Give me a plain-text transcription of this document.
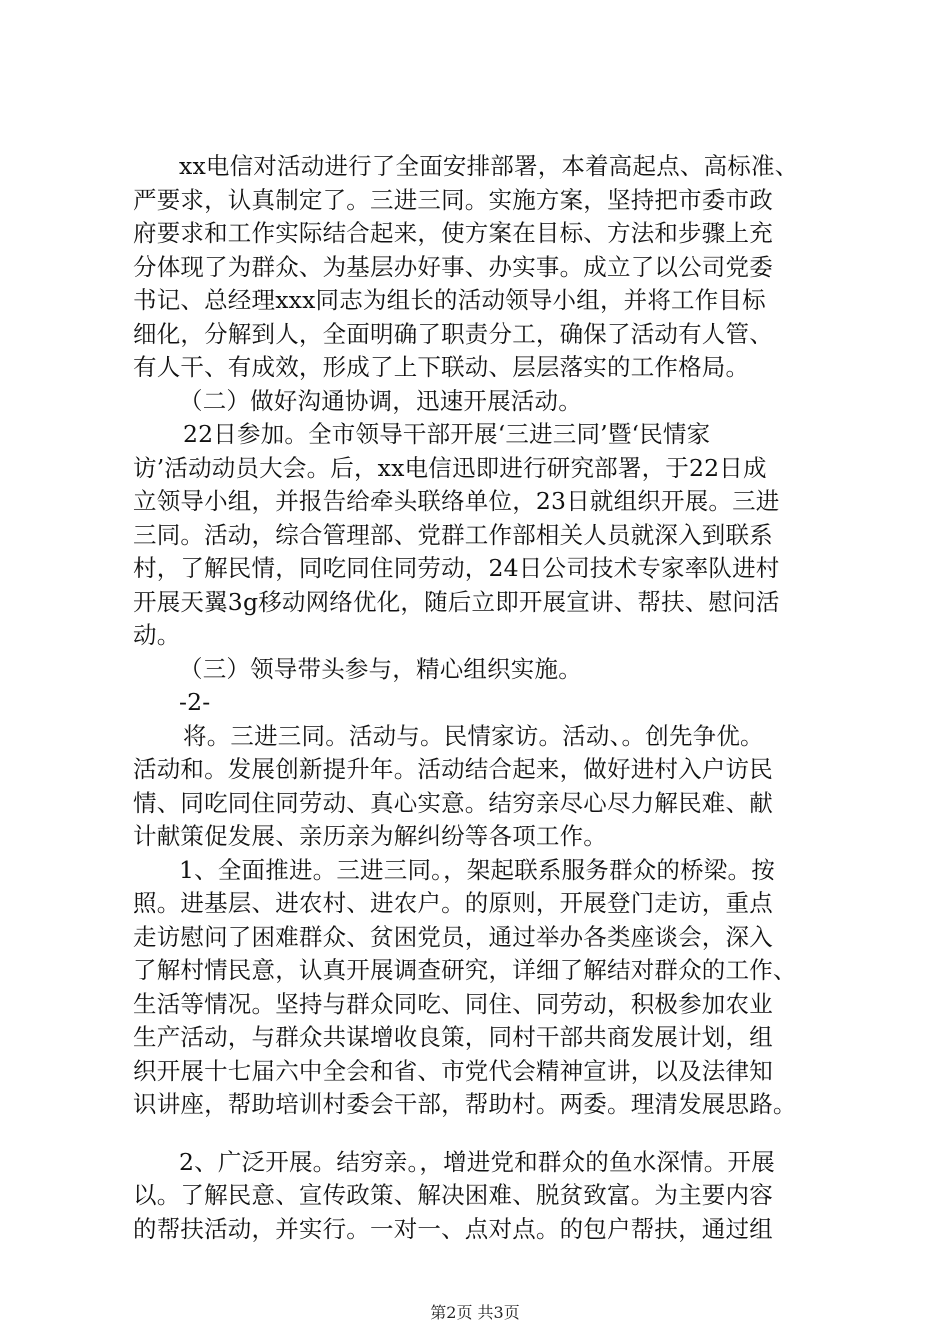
xx电信对活动进行了全面安排部署，本着高起点、高标准、
严要求，认真制定了。三进三同。实施方案，坚持把市委市政
府要求和工作实际结合起来，使方案在目标、方法和步骤上充
分体现了为群众、为基层办好事、办实事。成立了以公司党委
书记、总经理xxx同志为组长的活动领导小组，并将工作目标
细化，分解到人，全面明确了职责分工，确保了活动有人管、
有人干、有成效，形成了上下联动、层层落实的工作格局。
（二）做好沟通协调，迅速开展活动。
22日参加。全市领导干部开展‘三进三同’暨‘民情家
访’活动动员大会。后，xx电信迅即进行研究部署，于22日成
立领导小组，并报告给牵头联络单位，23日就组织开展。三进
三同。活动，综合管理部、党群工作部相关人员就深入到联系
村，了解民情，同吃同住同劳动，24日公司技术专家率队进村
开展天翼3g移动网络优化，随后立即开展宣讲、帮扶、慰问活
动。
（三）领导带头参与，精心组织实施。
-2-
将。三进三同。活动与。民情家访。活动、。创先争优。
活动和。发展创新提升年。活动结合起来，做好进村入户访民
情、同吃同住同劳动、真心实意。结穷亲尽心尽力解民难、献
计献策促发展、亲历亲为解纠纷等各项工作。
1、全面推进。三进三同。，架起联系服务群众的桥梁。按
照。进基层、进农村、进农户。的原则，开展登门走访，重点
走访慰问了困难群众、贫困党员，通过举办各类座谈会，深入
了解村情民意，认真开展调查研究，详细了解结对群众的工作、
生活等情况。坚持与群众同吃、同住、同劳动，积极参加农业
生产活动，与群众共谋增收良策，同村干部共商发展计划，组
织开展十七届六中全会和省、市党代会精神宣讲，以及法律知
识讲座，帮助培训村委会干部，帮助村。两委。理清发展思路。
2、广泛开展。结穷亲。，增进党和群众的鱼水深情。开展
以。了解民意、宣传政策、解决困难、脱贫致富。为主要内容
的帮扶活动，并实行。一对一、点对点。的包户帮扶，通过组
第2页 共3页
